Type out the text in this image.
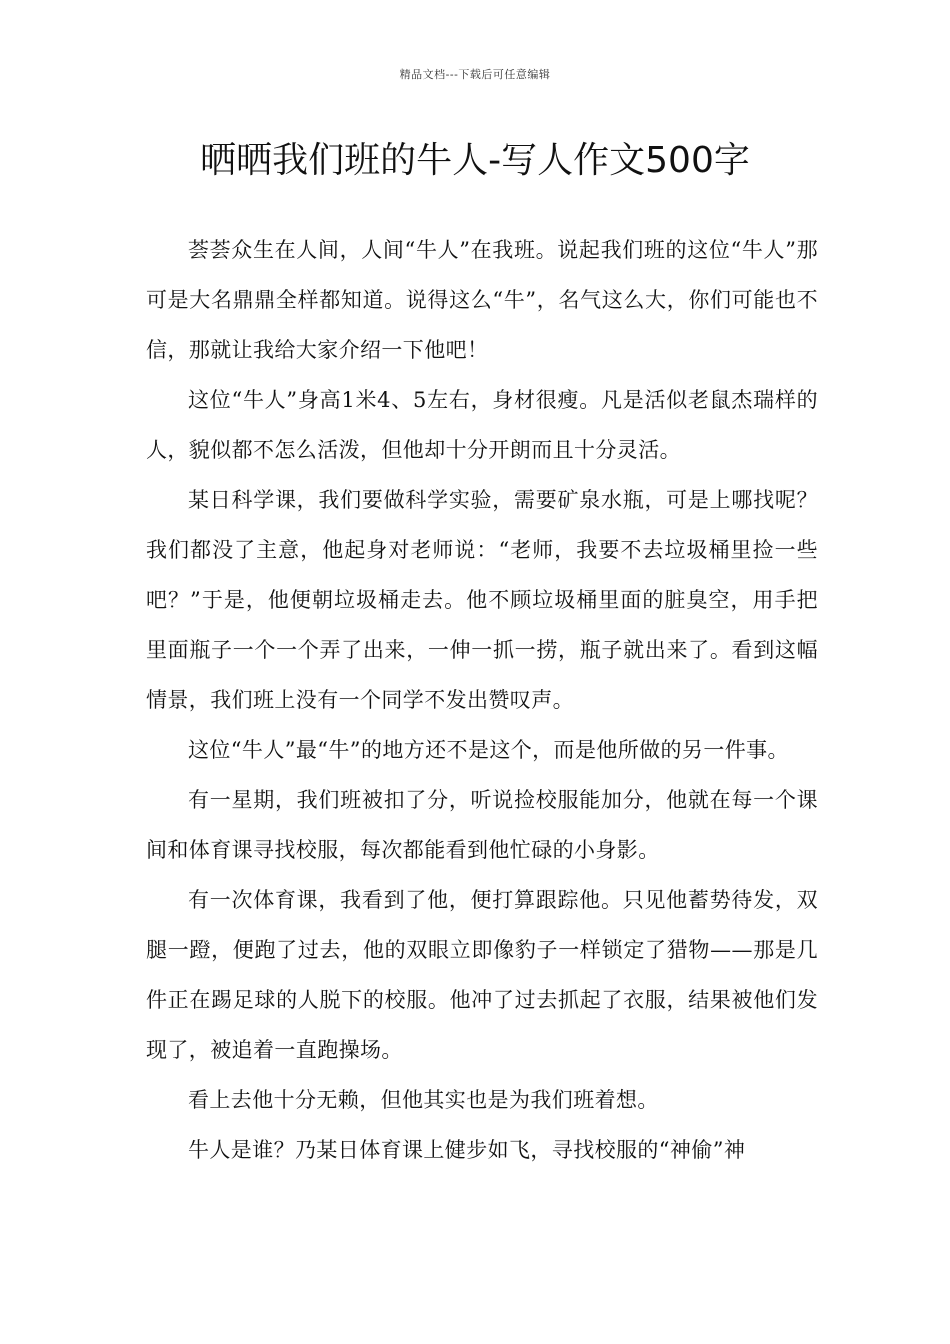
精品文档---下载后可任意编辑
晒晒我们班的牛人-写人作文500字

荟荟众生在人间，人间“牛人”在我班。说起我们班的这位“牛人”那可是大名鼎鼎全样都知道。说得这么“牛”，名气这么大，你们可能也不信，那就让我给大家介绍一下他吧！

这位“牛人”身高1米4、5左右，身材很瘦。凡是活似老鼠杰瑞样的人，貌似都不怎么活泼，但他却十分开朗而且十分灵活。

某日科学课，我们要做科学实验，需要矿泉水瓶，可是上哪找呢？我们都没了主意，他起身对老师说：“老师，我要不去垃圾桶里捡一些吧？”于是，他便朝垃圾桶走去。他不顾垃圾桶里面的脏臭空，用手把里面瓶子一个一个弄了出来，一伸一抓一捞，瓶子就出来了。看到这幅情景，我们班上没有一个同学不发出赞叹声。

这位“牛人”最“牛”的地方还不是这个，而是他所做的另一件事。

有一星期，我们班被扣了分，听说捡校服能加分，他就在每一个课间和体育课寻找校服，每次都能看到他忙碌的小身影。

有一次体育课，我看到了他，便打算跟踪他。只见他蓄势待发，双腿一蹬，便跑了过去，他的双眼立即像豹子一样锁定了猎物——那是几件正在踢足球的人脱下的校服。他冲了过去抓起了衣服，结果被他们发现了，被追着一直跑操场。

看上去他十分无赖，但他其实也是为我们班着想。

牛人是谁？乃某日体育课上健步如飞，寻找校服的“神偷”神
